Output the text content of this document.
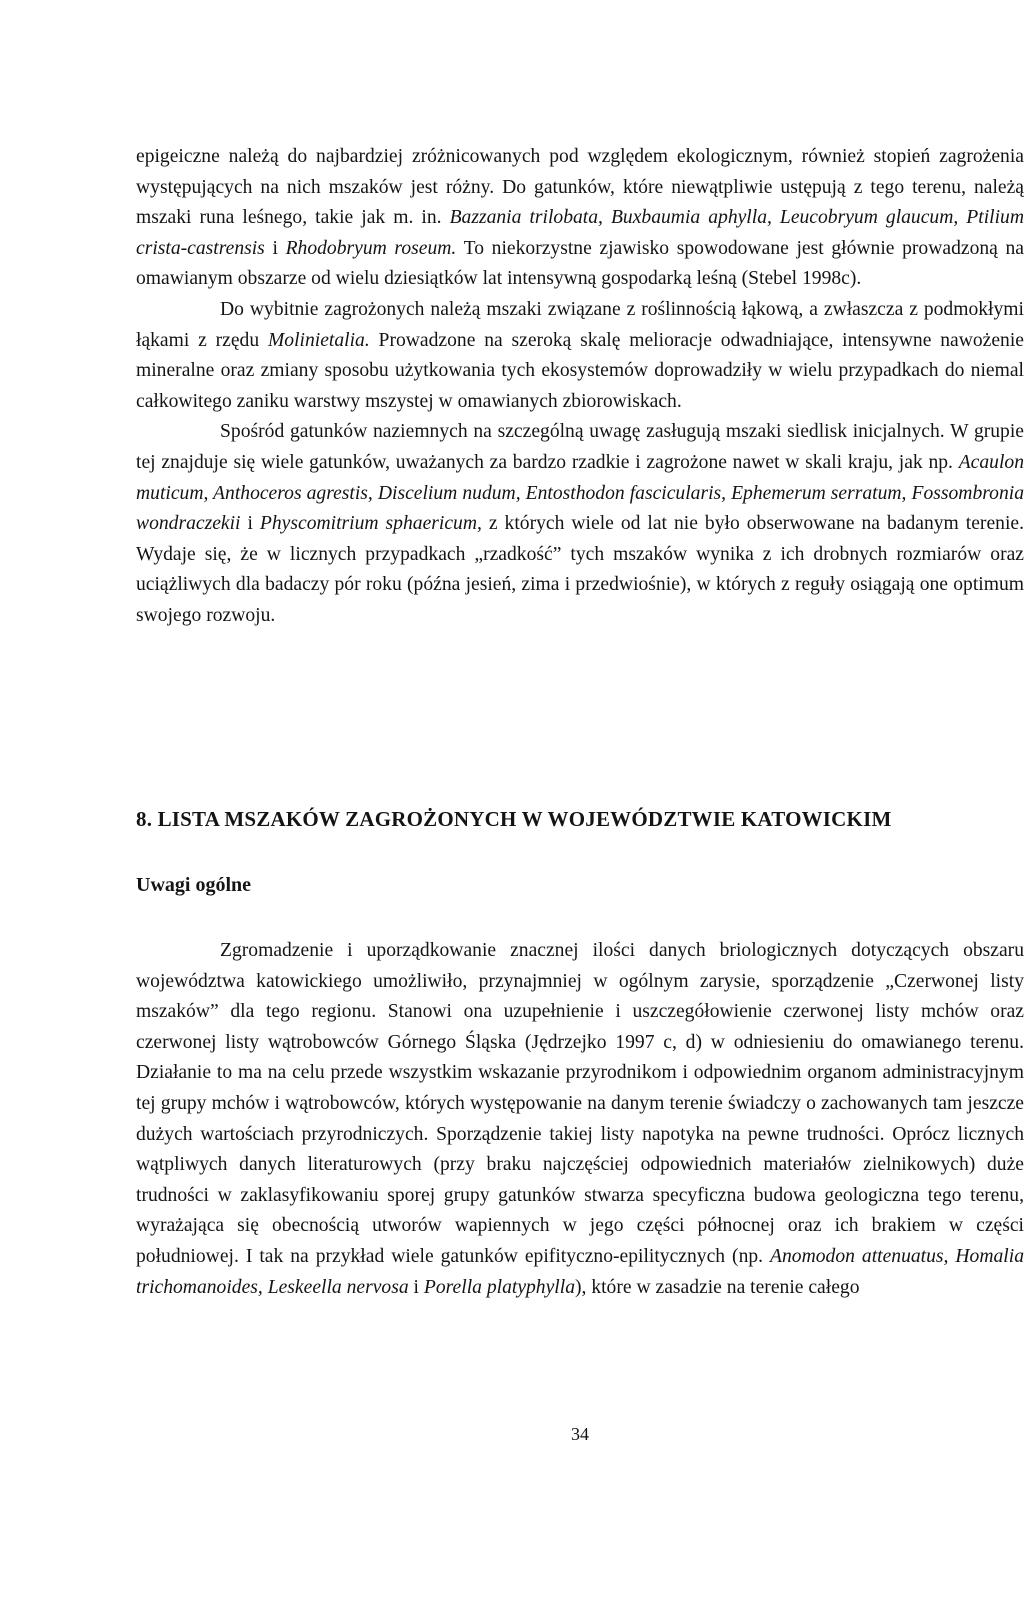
epigeiczne należą do najbardziej zróżnicowanych pod względem ekologicznym, również stopień zagrożenia występujących na nich mszaków jest różny. Do gatunków, które niewątpliwie ustępują z tego terenu, należą mszaki runa leśnego, takie jak m. in. Bazzania trilobata, Buxbaumia aphylla, Leucobryum glaucum, Ptilium crista-castrensis i Rhodobryum roseum. To niekorzystne zjawisko spowodowane jest głównie prowadzoną na omawianym obszarze od wielu dziesiątków lat intensywną gospodarką leśną (Stebel 1998c).

Do wybitnie zagrożonych należą mszaki związane z roślinnością łąkową, a zwłaszcza z podmokłymi łąkami z rzędu Molinietalia. Prowadzone na szeroką skalę melioracje odwadniające, intensywne nawożenie mineralne oraz zmiany sposobu użytkowania tych ekosystemów doprowadziły w wielu przypadkach do niemal całkowitego zaniku warstwy mszystej w omawianych zbiorowiskach.

Spośród gatunków naziemnych na szczególną uwagę zasługują mszaki siedlisk inicjalnych. W grupie tej znajduje się wiele gatunków, uważanych za bardzo rzadkie i zagrożone nawet w skali kraju, jak np. Acaulon muticum, Anthoceros agrestis, Discelium nudum, Entosthodon fascicularis, Ephemerum serratum, Fossombronia wondraczekii i Physcomitrium sphaericum, z których wiele od lat nie było obserwowane na badanym terenie. Wydaje się, że w licznych przypadkach „rzadkość” tych mszaków wynika z ich drobnych rozmiarów oraz uciążliwych dla badaczy pór roku (późna jesień, zima i przedwiośnie), w których z reguły osiągają one optimum swojego rozwoju.

8. LISTA MSZAKÓW ZAGROŻONYCH W WOJEWÓDZTWIE KATOWICKIM
Uwagi ogólne

Zgromadzenie i uporządkowanie znacznej ilości danych briologicznych dotyczących obszaru województwa katowickiego umożliwiło, przynajmniej w ogólnym zarysie, sporządzenie „Czerwonej listy mszaków” dla tego regionu. Stanowi ona uzupełnienie i uszczegółowienie czerwonej listy mchów oraz czerwonej listy wątrobowców Górnego Śląska (Jędrzejko 1997 c, d) w odniesieniu do omawianego terenu. Działanie to ma na celu przede wszystkim wskazanie przyrodnikom i odpowiednim organom administracyjnym tej grupy mchów i wątrobowców, których występowanie na danym terenie świadczy o zachowanych tam jeszcze dużych wartościach przyrodniczych. Sporządzenie takiej listy napotyka na pewne trudności. Oprócz licznych wątpliwych danych literaturowych (przy braku najczęściej odpowiednich materiałów zielnikowych) duże trudności w zaklasyfikowaniu sporej grupy gatunków stwarza specyficzna budowa geologiczna tego terenu, wyrażająca się obecnością utworów wapiennych w jego części północnej oraz ich brakiem w części południowej. I tak na przykład wiele gatunków epifityczno-epilitycznych (np. Anomodon attenuatus, Homalia trichomanoides, Leskeella nervosa i Porella platyphylla), które w zasadzie na terenie całego

34
